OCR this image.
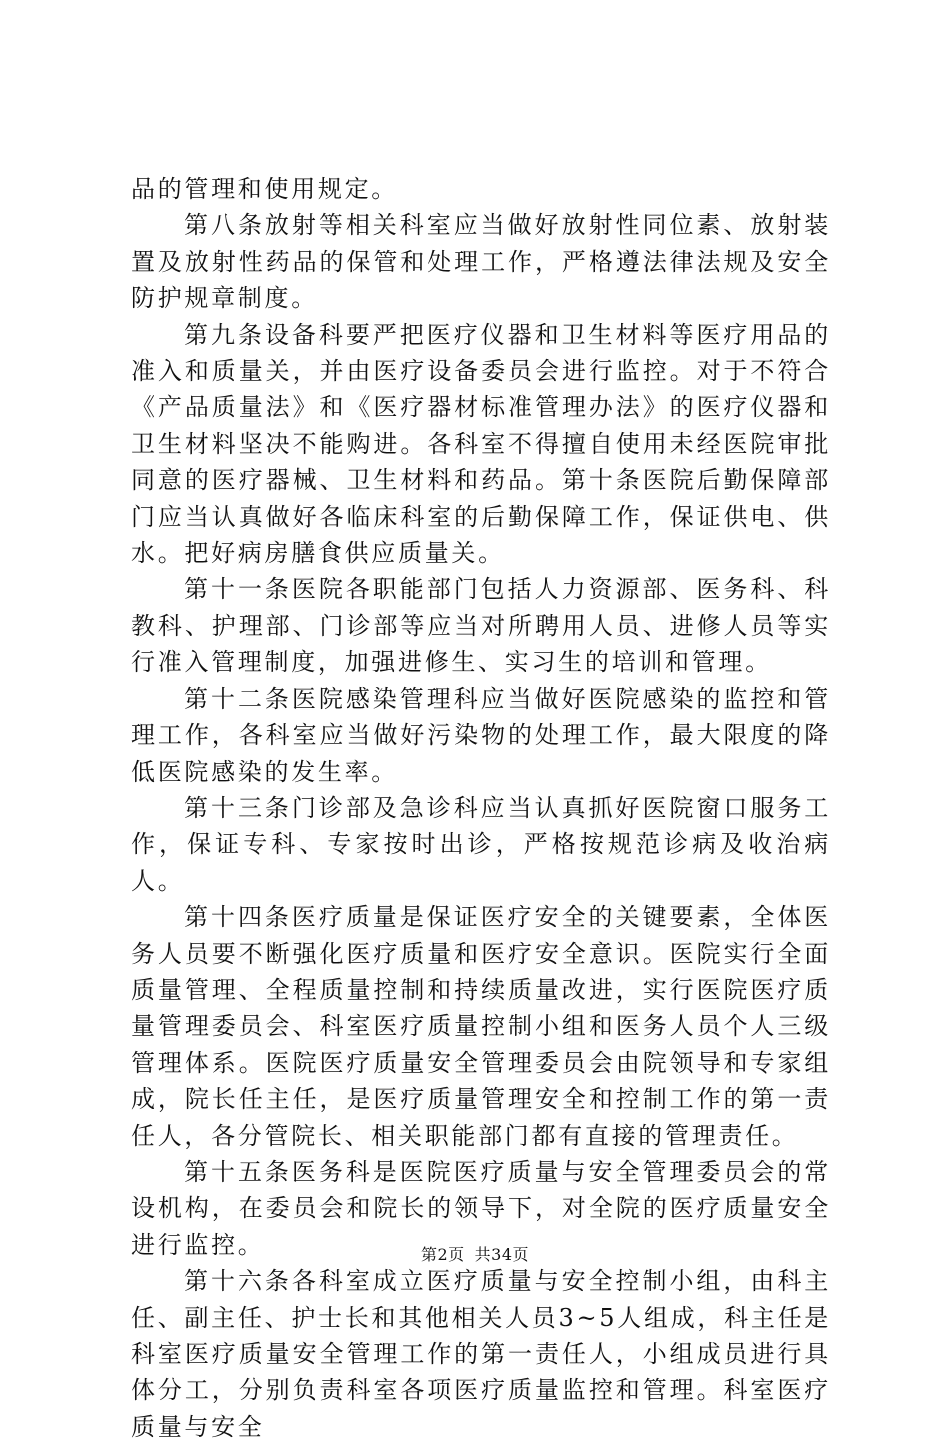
品的管理和使用规定。

第八条放射等相关科室应当做好放射性同位素、放射装置及放射性药品的保管和处理工作，严格遵法律法规及安全防护规章制度。

第九条设备科要严把医疗仪器和卫生材料等医疗用品的准入和质量关，并由医疗设备委员会进行监控。对于不符合《产品质量法》和《医疗器材标准管理办法》的医疗仪器和卫生材料坚决不能购进。各科室不得擅自使用未经医院审批同意的医疗器械、卫生材料和药品。第十条医院后勤保障部门应当认真做好各临床科室的后勤保障工作，保证供电、供水。把好病房膳食供应质量关。

第十一条医院各职能部门包括人力资源部、医务科、科教科、护理部、门诊部等应当对所聘用人员、进修人员等实行准入管理制度，加强进修生、实习生的培训和管理。

第十二条医院感染管理科应当做好医院感染的监控和管理工作，各科室应当做好污染物的处理工作，最大限度的降低医院感染的发生率。

第十三条门诊部及急诊科应当认真抓好医院窗口服务工作，保证专科、专家按时出诊，严格按规范诊病及收治病人。

第十四条医疗质量是保证医疗安全的关键要素，全体医务人员要不断强化医疗质量和医疗安全意识。医院实行全面质量管理、全程质量控制和持续质量改进，实行医院医疗质量管理委员会、科室医疗质量控制小组和医务人员个人三级管理体系。医院医疗质量安全管理委员会由院领导和专家组成，院长任主任，是医疗质量管理安全和控制工作的第一责任人，各分管院长、相关职能部门都有直接的管理责任。

第十五条医务科是医院医疗质量与安全管理委员会的常设机构，在委员会和院长的领导下，对全院的医疗质量安全进行监控。

第十六条各科室成立医疗质量与安全控制小组，由科主任、副主任、护士长和其他相关人员3~5人组成，科主任是科室医疗质量安全管理工作的第一责任人，小组成员进行具体分工，分别负责科室各项医疗质量监控和管理。科室医疗质量与安全

第2页 共34页
